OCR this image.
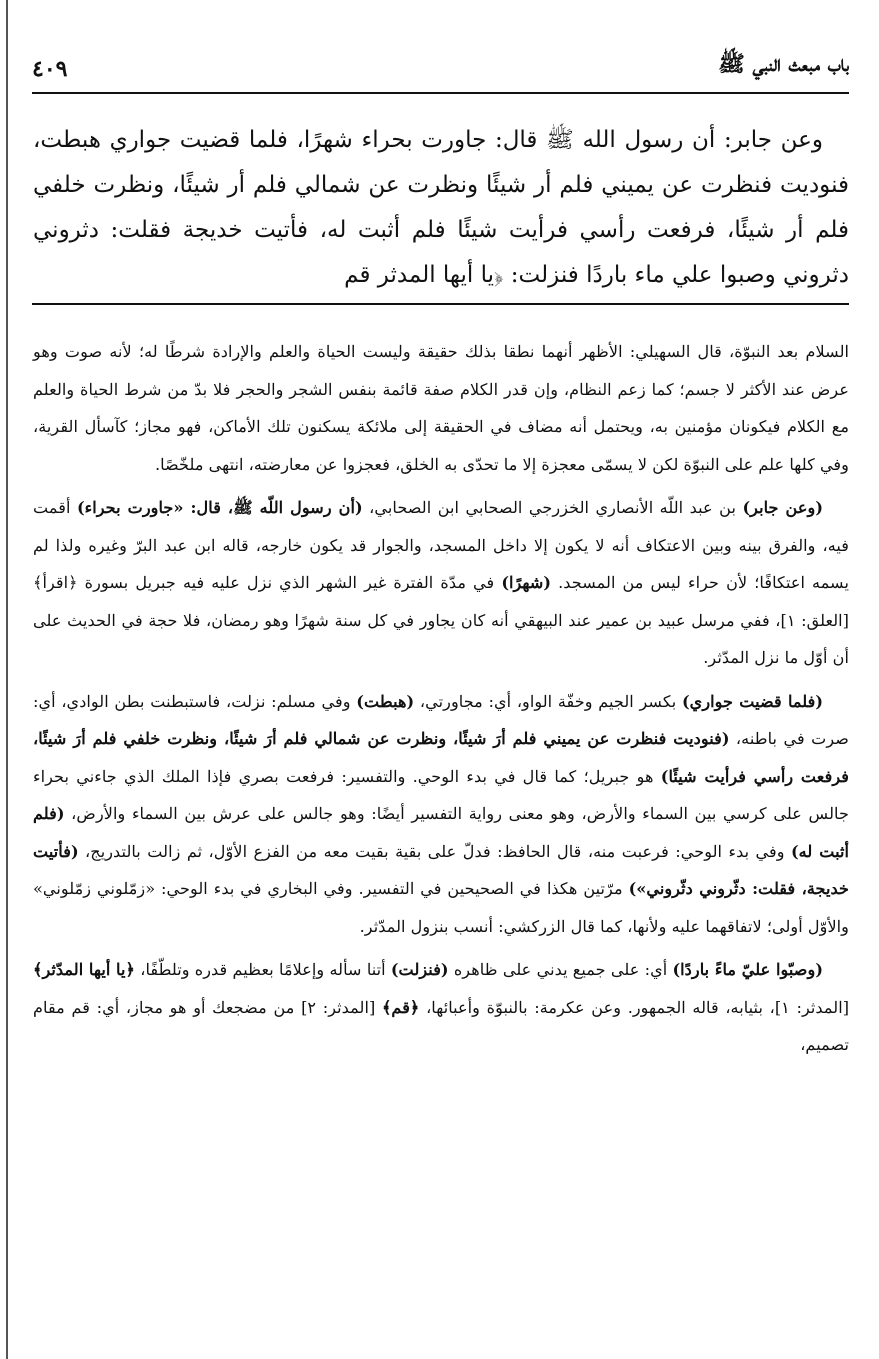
٤٠٩	باب مبعث النبي ﷺ

وعن جابر: أن رسول الله ﷺ قال: جاورت بحراء شهرًا، فلما قضيت جواري هبطت، فنوديت فنظرت عن يميني فلم أر شيئًا ونظرت عن شمالي فلم أر شيئًا، ونظرت خلفي فلم أر شيئًا، فرفعت رأسي فرأيت شيئًا فلم أثبت له، فأتيت خديجة فقلت: دثروني دثروني وصبوا علي ماء باردًا فنزلت: ﴿يا أيها المدثر قم

السلام بعد النبوّة، قال السهيلي: الأظهر أنهما نطقا بذلك حقيقة وليست الحياة والعلم والإرادة شرطًا له؛ لأنه صوت وهو عرض عند الأكثر لا جسم؛ كما زعم النظام، وإن قدر الكلام صفة قائمة بنفس الشجر والحجر فلا بدّ من شرط الحياة والعلم مع الكلام فيكونان مؤمنين به، ويحتمل أنه مضاف في الحقيقة إلى ملائكة يسكنون تلك الأماكن، فهو مجاز؛ كآسأل القرية، وفي كلها علم على النبوّة لكن لا يسمّى معجزة إلا ما تحدّى به الخلق، فعجزوا عن معارضته، انتهى ملخّصًا.

(وعن جابر) بن عبد اللّه الأنصاري الخزرجي الصحابي ابن الصحابي، (أن رسول اللّه ﷺ، قال: «جاورت بحراء) أقمت فيه، والفرق بينه وبين الاعتكاف أنه لا يكون إلا داخل المسجد، والجوار قد يكون خارجه، قاله ابن عبد البرّ وغيره ولذا لم يسمه اعتكافًا؛ لأن حراء ليس من المسجد. (شهرًا) في مدّة الفترة غير الشهر الذي نزل عليه فيه جبريل بسورة ﴿اقرأ﴾ [العلق: ١]، ففي مرسل عبيد بن عمير عند البيهقي أنه كان يجاور في كل سنة شهرًا وهو رمضان، فلا حجة في الحديث على أن أوّل ما نزل المدّثر.

(فلما قضيت جواري) بكسر الجيم وخفّة الواو، أي: مجاورتي، (هبطت) وفي مسلم: نزلت، فاستبطنت بطن الوادي، أي: صرت في باطنه، (فنوديت فنظرت عن يميني فلم أرَ شيئًا، ونظرت عن شمالي فلم أرَ شيئًا، ونظرت خلفي فلم أرَ شيئًا، فرفعت رأسي فرأيت شيئًا) هو جبريل؛ كما قال في بدء الوحي. والتفسير: فرفعت بصري فإذا الملك الذي جاءني بحراء جالس على كرسي بين السماء والأرض، وهو معنى رواية التفسير أيضًا: وهو جالس على عرش بين السماء والأرض، (فلم أثبت له) وفي بدء الوحي: فرعبت منه، قال الحافظ: فدلّ على بقية بقيت معه من الفزع الأوّل، ثم زالت بالتدريج، (فأتيت خديجة، فقلت: دثّروني دثّروني») مرّتين هكذا في الصحيحين في التفسير. وفي البخاري في بدء الوحي: «زمّلوني زمّلوني» والأوّل أولى؛ لاتفاقهما عليه ولأنها، كما قال الزركشي: أنسب بنزول المدّثر.

(وصبّوا عليّ ماءً باردًا) أي: على جميع يدني على ظاهره (فنزلت) أتنا سأله وإعلامًا بعظيم قدره وتلطّفًا، ﴿يا أيها المدّثر﴾ [المدثر: ١]، بثيابه، قاله الجمهور. وعن عكرمة: بالنبوّة وأعبائها، ﴿قم﴾ [المدثر: ٢] من مضجعك أو هو مجاز، أي: قم مقام تصميم،
